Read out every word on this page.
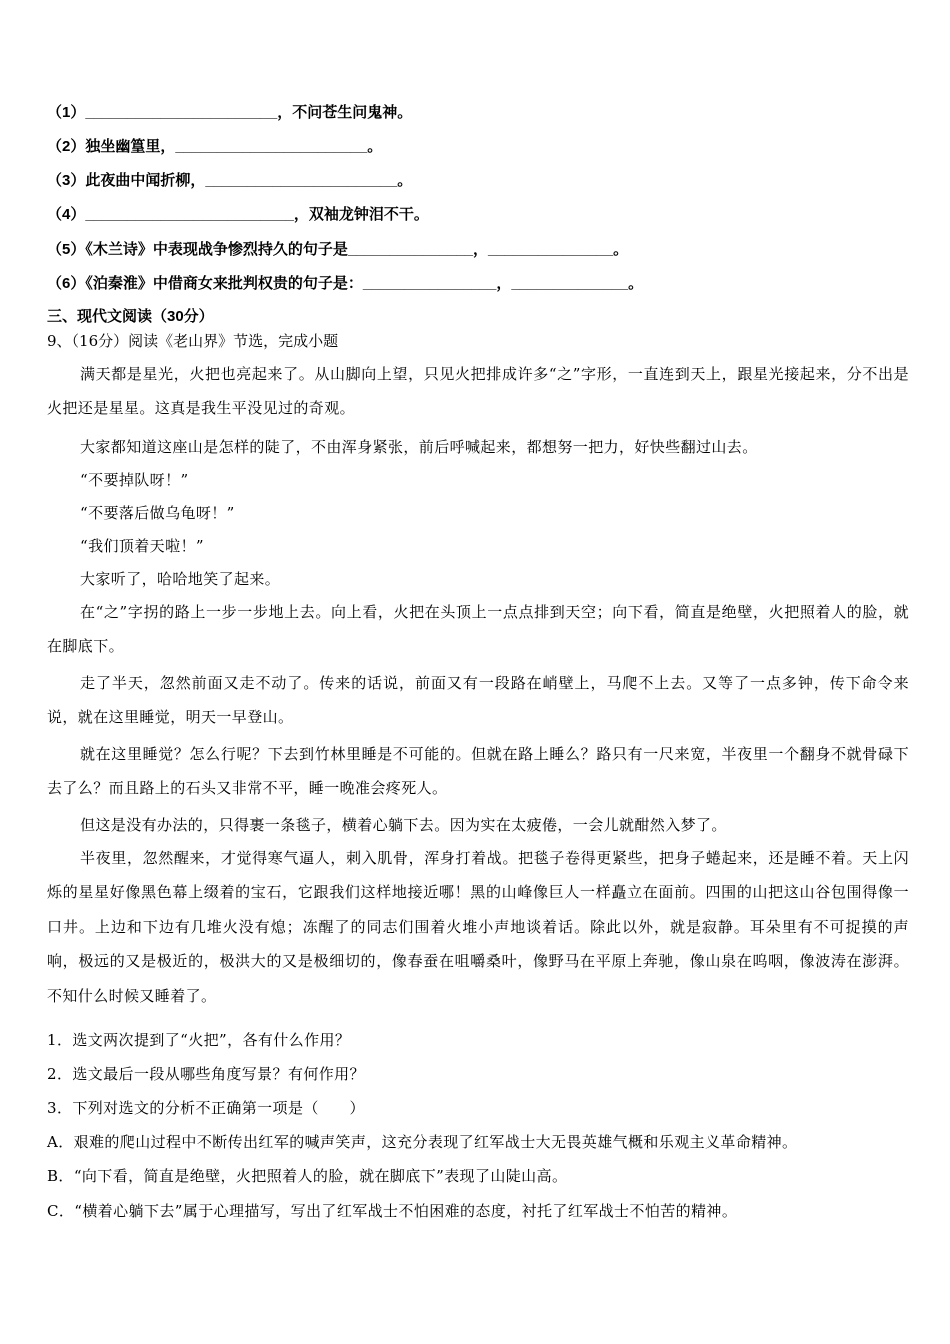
（1）_______________________，不问苍生问鬼神。
（2）独坐幽篁里，_______________________。
（3）此夜曲中闻折柳，_______________________。
（4）_________________________，双袖龙钟泪不干。
（5）《木兰诗》中表现战争惨烈持久的句子是_______________，_______________。
（6）《泊秦淮》中借商女来批判权贵的句子是：________________，______________。
三、现代文阅读（30分）
9、（16分）阅读《老山界》节选，完成小题
满天都是星光，火把也亮起来了。从山脚向上望，只见火把排成许多“之”字形，一直连到天上，跟星光接起来，分不出是火把还是星星。这真是我生平没见过的奇观。
大家都知道这座山是怎样的陡了，不由浑身紧张，前后呼喊起来，都想努一把力，好快些翻过山去。
“不要掉队呀！”
“不要落后做乌龟呀！”
“我们顶着天啦！”
大家听了，哈哈地笑了起来。
在“之”字拐的路上一步一步地上去。向上看，火把在头顶上一点点排到天空；向下看，简直是绝壁，火把照着人的脸，就在脚底下。
走了半天，忽然前面又走不动了。传来的话说，前面又有一段路在峭壁上，马爬不上去。又等了一点多钟，传下命令来说，就在这里睡觉，明天一早登山。
就在这里睡觉？怎么行呢？下去到竹林里睡是不可能的。但就在路上睡么？路只有一尺来宽，半夜里一个翻身不就骨碌下去了么？而且路上的石头又非常不平，睡一晚准会疼死人。
但这是没有办法的，只得裹一条毯子，横着心躺下去。因为实在太疲倦，一会儿就酣然入梦了。
半夜里，忽然醒来，才觉得寒气逼人，刺入肌骨，浑身打着战。把毯子卷得更紧些，把身子蜷起来，还是睡不着。天上闪烁的星星好像黑色幕上缀着的宝石，它跟我们这样地接近哪！黑的山峰像巨人一样矗立在面前。四围的山把这山谷包围得像一口井。上边和下边有几堆火没有熄；冻醒了的同志们围着火堆小声地谈着话。除此以外，就是寂静。耳朵里有不可捉摸的声响，极远的又是极近的，极洪大的又是极细切的，像春蚕在咀嚼桑叶，像野马在平原上奔驰，像山泉在呜咽，像波涛在澎湃。不知什么时候又睡着了。
1．选文两次提到了“火把”，各有什么作用？
2．选文最后一段从哪些角度写景？有何作用？
3．下列对选文的分析不正确第一项是（　　）
A．艰难的爬山过程中不断传出红军的喊声笑声，这充分表现了红军战士大无畏英雄气概和乐观主义革命精神。
B．“向下看，简直是绝壁，火把照着人的脸，就在脚底下”表现了山陡山高。
C．“横着心躺下去”属于心理描写，写出了红军战士不怕困难的态度，衬托了红军战士不怕苦的精神。
